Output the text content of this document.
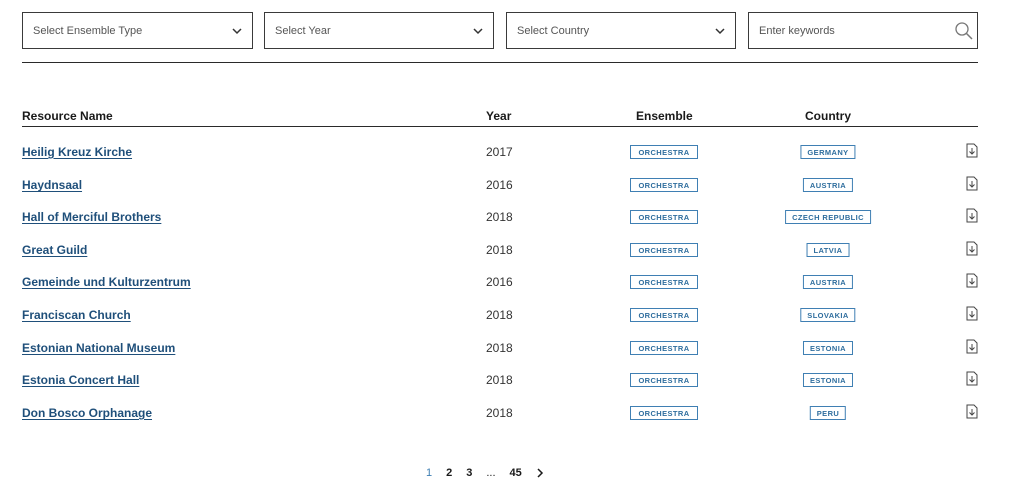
Select Ensemble Type	Select Year	Select Country	Enter keywords
Resource Name	Year	Ensemble	Country
Heilig Kreuz Kirche	2017	ORCHESTRA	GERMANY
Haydnsaal	2016	ORCHESTRA	AUSTRIA
Hall of Merciful Brothers	2018	ORCHESTRA	CZECH REPUBLIC
Great Guild	2018	ORCHESTRA	LATVIA
Gemeinde und Kulturzentrum	2016	ORCHESTRA	AUSTRIA
Franciscan Church	2018	ORCHESTRA	SLOVAKIA
Estonian National Museum	2018	ORCHESTRA	ESTONIA
Estonia Concert Hall	2018	ORCHESTRA	ESTONIA
Don Bosco Orphanage	2018	ORCHESTRA	PERU
1 2 3 ... 45
